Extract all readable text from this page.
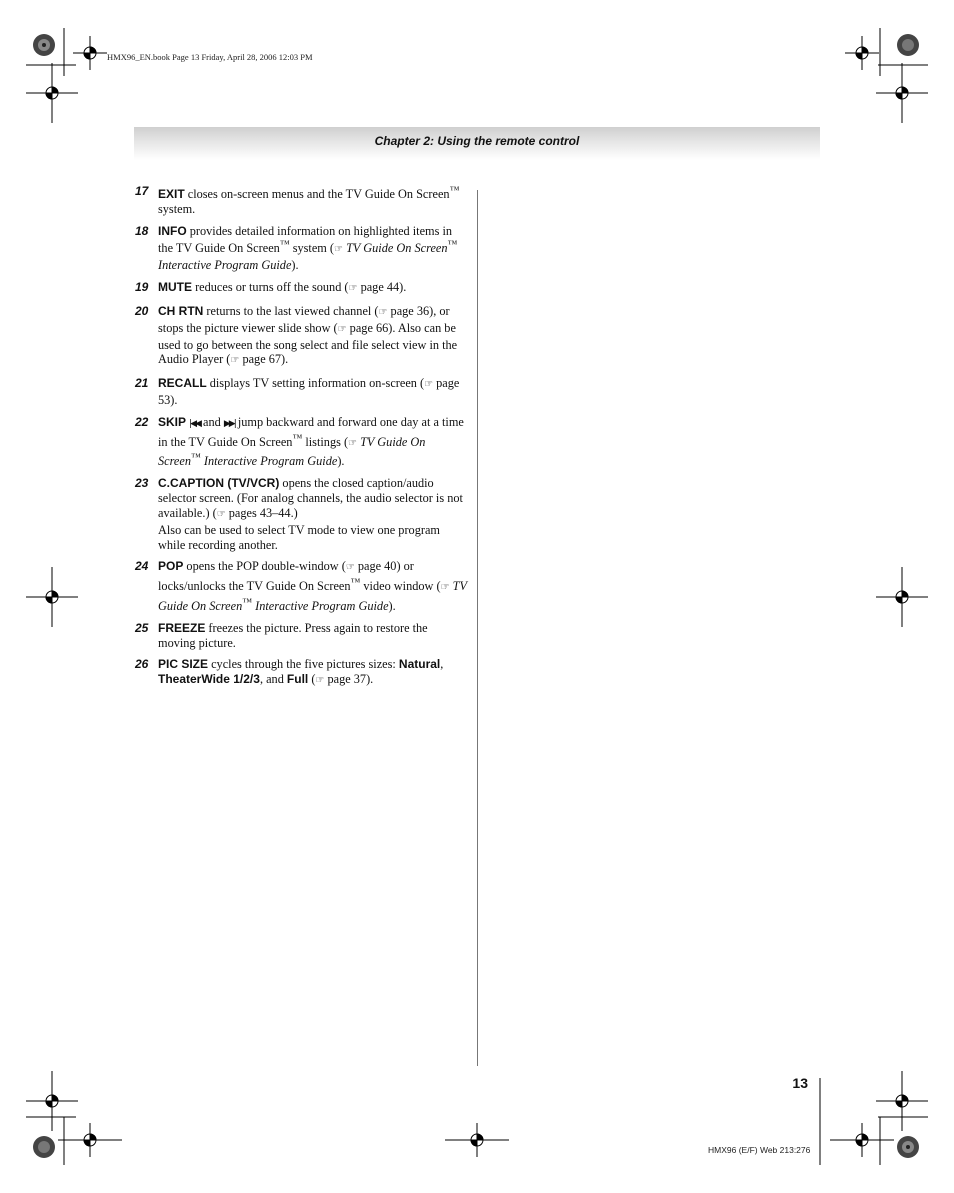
HMX96_EN.book Page 13 Friday, April 28, 2006 12:03 PM
Chapter 2: Using the remote control
17 EXIT closes on-screen menus and the TV Guide On Screen™ system.
18 INFO provides detailed information on highlighted items in the TV Guide On Screen™ system (☞ TV Guide On Screen™ Interactive Program Guide).
19 MUTE reduces or turns off the sound (☞ page 44).
20 CH RTN returns to the last viewed channel (☞ page 36), or stops the picture viewer slide show (☞ page 66). Also can be used to go between the song select and file select view in the Audio Player (☞ page 67).
21 RECALL displays TV setting information on-screen (☞ page 53).
22 SKIP |◀◀ and ▶▶| jump backward and forward one day at a time in the TV Guide On Screen™ listings (☞ TV Guide On Screen™ Interactive Program Guide).
23 C.CAPTION (TV/VCR) opens the closed caption/audio selector screen. (For analog channels, the audio selector is not available.) (☞ pages 43–44.)
Also can be used to select TV mode to view one program while recording another.
24 POP opens the POP double-window (☞ page 40) or locks/unlocks the TV Guide On Screen™ video window (☞ TV Guide On Screen™ Interactive Program Guide).
25 FREEZE freezes the picture. Press again to restore the moving picture.
26 PIC SIZE cycles through the five pictures sizes: Natural, TheaterWide 1/2/3, and Full (☞ page 37).
13
HMX96 (E/F) Web 213:276
